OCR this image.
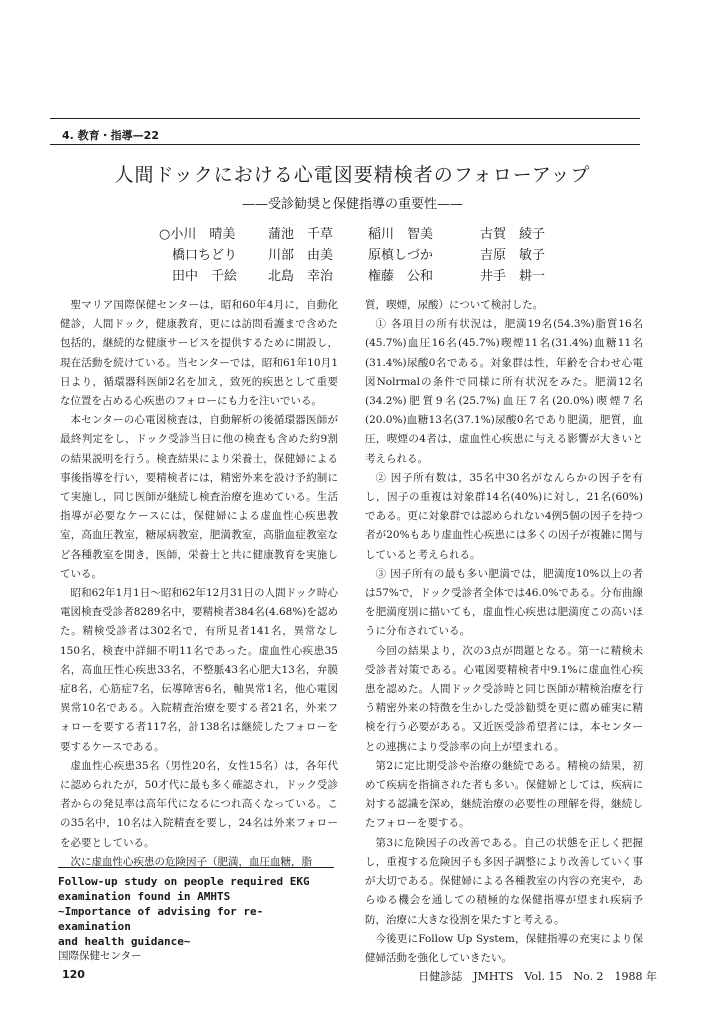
4. 教育・指導—22
人間ドックにおける心電図要精検者のフォローアップ
——受診勧奨と保健指導の重要性——
○小川　晴美
橋口ちどり
田中　千絵
蒲池　千草
川部　由美
北島　幸治
稲川　智美
原槙しづか
権藤　公和
古賀　綾子
吉原　敏子
井手　耕一

聖マリア国際保健センターは，昭和60年4月に，自動化健診，人間ドック，健康教育，更には訪問看護まで含めた包括的，継続的な健康サービスを提供するために開設し，現在活動を続けている。当センターでは，昭和61年10月1日より，循環器科医師2名を加え，致死的疾患として重要な位置を占める心疾患のフォローにも力を注いでいる。

本センターの心電図検査は，自動解析の後循環器医師が最終判定をし，ドック受診当日に他の検査も含めた約9割の結果説明を行う。検査結果により栄養士，保健婦による事後指導を行い，要精検者には，精密外来を設け予約制にて実施し，同じ医師が継続し検査治療を進めている。生活指導が必要なケースには，保健婦による虚血性心疾患教室，高血圧教室，糖尿病教室，肥満教室，高脂血症教室など各種教室を開き，医師，栄養士と共に健康教育を実施している。

昭和62年1月1日〜昭和62年12月31日の人間ドック時心電図検査受診者8289名中，要精検者384名(4.68%)を認めた。精検受診者は302名で，有所見者141名，異常なし150名，検査中詳細不明11名であった。虚血性心疾患35名，高血圧性心疾患33名，不整脈43名心肥大13名，弁膜症8名，心筋症7名，伝導障害6名，軸異常1名，他心電図異常10名である。入院精査治療を要する者21名，外来フォローを要する者117名，計138名は継続したフォローを要するケースである。

虚血性心疾患35名（男性20名，女性15名）は，各年代に認められたが，50才代に最も多く確認され，ドック受診者からの発見率は高年代になるにつれ高くなっている。この35名中，10名は入院精査を要し，24名は外来フォローを必要としている。

次に虚血性心疾患の危険因子（肥満，血圧血糖，脂

質，喫煙，尿酸）について検討した。

① 各項目の所有状況は，肥満19名(54.3%)脂質16名(45.7%)血圧16名(45.7%)喫煙11名(31.4%)血糖11名(31.4%)尿酸0名である。対象群は性，年齢を合わせ心電図Nolrmalの条件で同様に所有状況をみた。肥満12名(34.2%)肥質9名(25.7%)血圧7名(20.0%)喫煙7名(20.0%)血糖13名(37.1%)尿酸0名であり肥満，肥質，血圧，喫煙の4者は，虚血性心疾患に与える影響が大きいと考えられる。

② 因子所有数は，35名中30名がなんらかの因子を有し，因子の重複は対象群14名(40%)に対し，21名(60%)である。更に対象群では認められない4例5個の因子を持つ者が20%もあり虚血性心疾患には多くの因子が複雑に関与していると考えられる。

③ 因子所有の最も多い肥満では，肥満度10%以上の者は57%で，ドック受診者全体では46.0%である。分布曲線を肥満度別に描いても，虚血性心疾患は肥満度この高いほうに分布されている。

今回の結果より，次の3点が問題となる。第一に精検未受診者対策である。心電図要精検者中9.1%に虚血性心疾患を認めた。人間ドック受診時と同じ医師が精検治療を行う精密外来の特徴を生かした受診勧奨を更に薦め確実に精検を行う必要がある。又近医受診希望者には，本センターとの連携により受診率の向上が望まれる。

第2に定比期受診や治療の継続である。精検の結果，初めて疾病を指摘された者も多い。保健婦としては，疾病に対する認識を深め，継続治療の必要性の理解を得，継続したフォローを要する。

第3に危険因子の改善である。自己の状態を正しく把握し，重複する危険因子も多因子調整により改善していく事が大切である。保健婦による各種教室の内容の充実や，あらゆる機会を通しての積極的な保健指導が望まれ疾病予防，治療に大きな役割を果たすと考える。

今後更にFollow Up System，保健指導の充実により保健婦活動を強化していきたい。

Follow-up study on people required EKG
examination found in AMHTS
~Importance of advising for re-examination
and health guidance~
国際保健センター
120	日健診誌　JMHTS　Vol. 15　No. 2　1988 年
